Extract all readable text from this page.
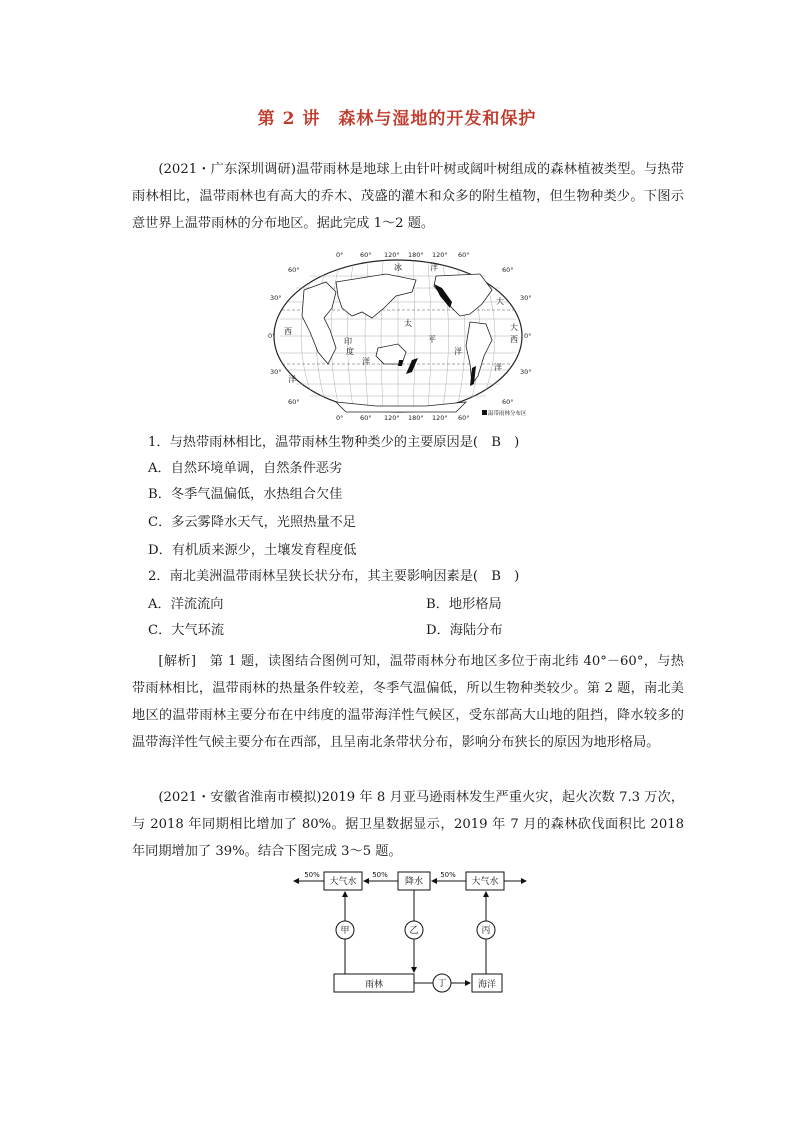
第 2 讲　森林与湿地的开发和保护
(2021・广东深圳调研)温带雨林是地球上由针叶树或阔叶树组成的森林植被类型。与热带雨林相比，温带雨林也有高大的乔木、茂盛的灌木和众多的附生植物，但生物种类少。下图示意世界上温带雨林的分布地区。据此完成 1～2 题。
0°	60° 120° 180° 120° 60°
0°	60° 120° 180° 120° 60°
60°
30°
0°
30°
60°
60°
30°
0°
30°
60°
冰	洋
太
平
洋
印
度
洋
西
大
洋
大
西
洋
温带雨林分布区
1．与热带雨林相比，温带雨林生物种类少的主要原因是(　B　)
A．自然环境单调，自然条件恶劣
B．冬季气温偏低，水热组合欠佳
C．多云雾降水天气，光照热量不足
D．有机质来源少，土壤发育程度低
2．南北美洲温带雨林呈狭长状分布，其主要影响因素是(　B　)
A．洋流流向	B．地形格局
C．大气环流	D．海陆分布
[解析]　第 1 题，读图结合图例可知，温带雨林分布地区多位于南北纬 40°－60°，与热带雨林相比，温带雨林的热量条件较差，冬季气温偏低，所以生物种类较少。第 2 题，南北美地区的温带雨林主要分布在中纬度的温带海洋性气候区，受东部高大山地的阻挡，降水较多的温带海洋性气候主要分布在西部，且呈南北条带状分布，影响分布狭长的原因为地形格局。
(2021・安徽省淮南市模拟)2019 年 8 月亚马逊雨林发生严重火灾，起火次数 7.3 万次，与 2018 年同期相比增加了 80%。据卫星数据显示，2019 年 7 月的森林砍伐面积比 2018 年同期增加了 39%。结合下图完成 3～5 题。
大气水	降水	大气水
雨林	海洋
甲	乙	丙
丁
50%	50%	50%
